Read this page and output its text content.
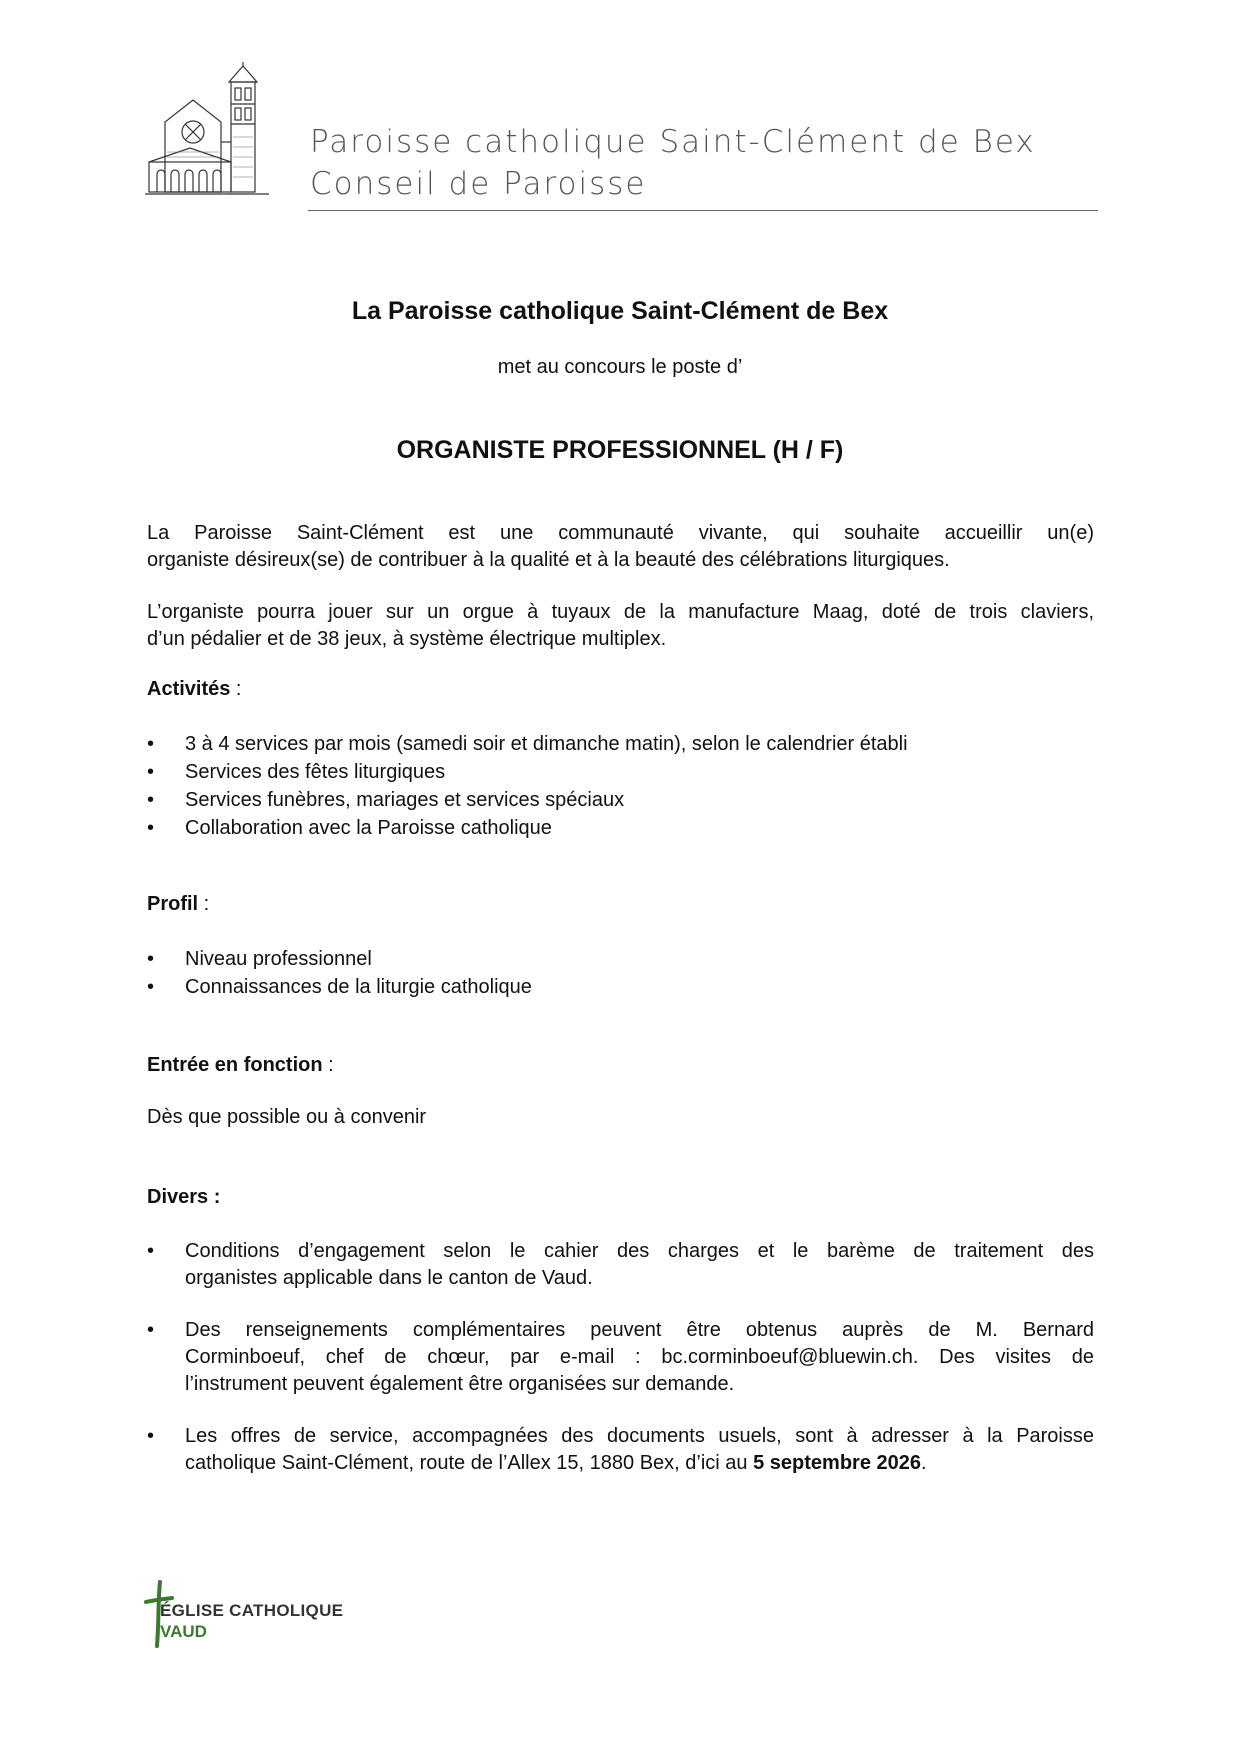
Paroisse catholique Saint-Clément de Bex
Conseil de Paroisse
La Paroisse catholique Saint-Clément de Bex
met au concours le poste d’
ORGANISTE PROFESSIONNEL (H / F)
La Paroisse Saint-Clément est une communauté vivante, qui souhaite accueillir un(e)
organiste désireux(se) de contribuer à la qualité et à la beauté des célébrations liturgiques.
L’organiste pourra jouer sur un orgue à tuyaux de la manufacture Maag, doté de trois claviers,
d’un pédalier et de 38 jeux, à système électrique multiplex.
Activités :
• 3 à 4 services par mois (samedi soir et dimanche matin), selon le calendrier établi
• Services des fêtes liturgiques
• Services funèbres, mariages et services spéciaux
• Collaboration avec la Paroisse catholique
Profil :
• Niveau professionnel
• Connaissances de la liturgie catholique
Entrée en fonction :
Dès que possible ou à convenir
Divers :
• Conditions d’engagement selon le cahier des charges et le barème de traitement des
organistes applicable dans le canton de Vaud.
• Des renseignements complémentaires peuvent être obtenus auprès de M. Bernard
Corminboeuf, chef de chœur, par e-mail : bc.corminboeuf@bluewin.ch. Des visites de
l’instrument peuvent également être organisées sur demande.
• Les offres de service, accompagnées des documents usuels, sont à adresser à la Paroisse
catholique Saint-Clément, route de l’Allex 15, 1880 Bex, d’ici au 5 septembre 2026.
ÉGLISE CATHOLIQUE
VAUD
